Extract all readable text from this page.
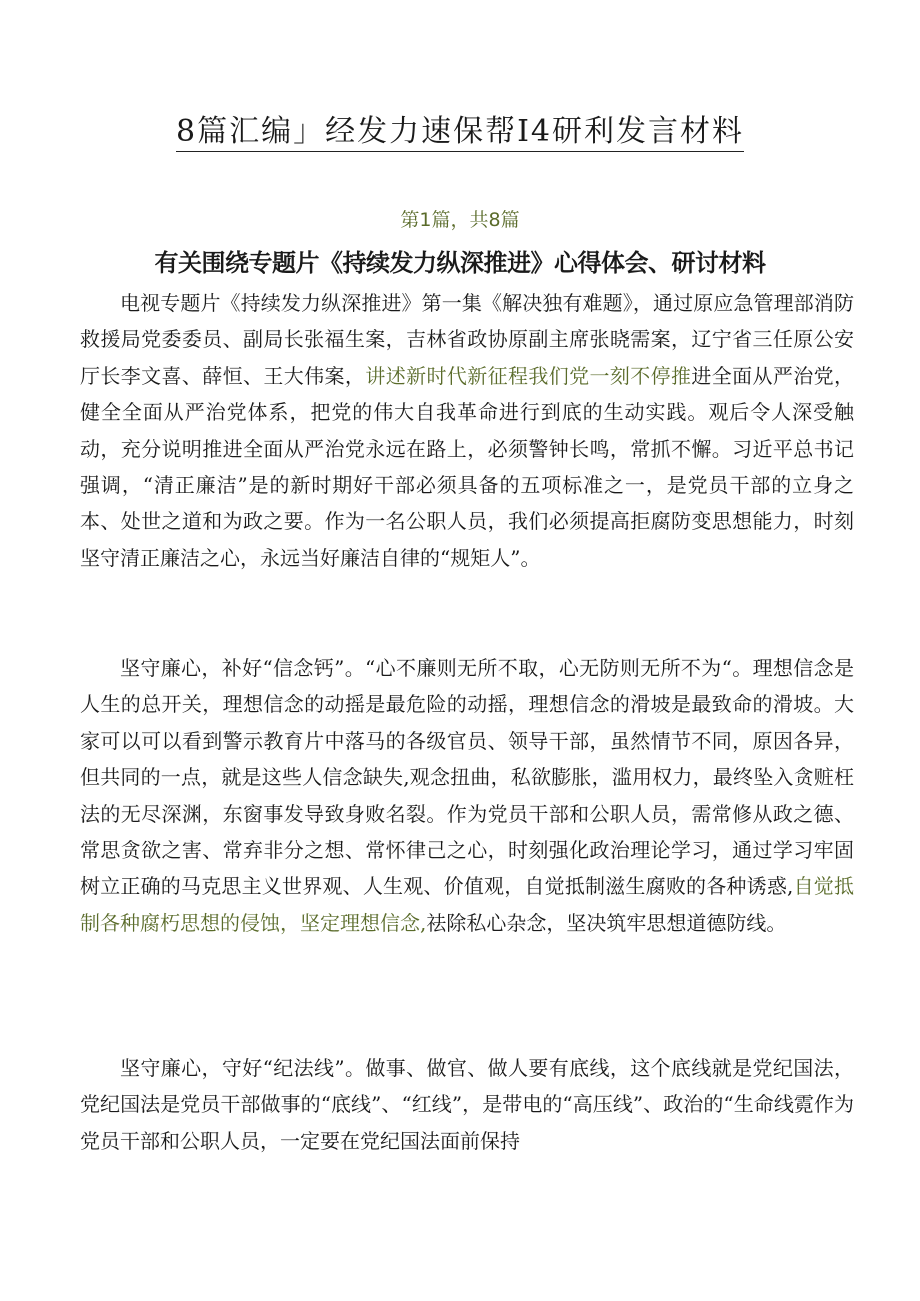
8篇汇编」经发力速保帮I4研利发言材料
第1篇，共8篇
有关围绕专题片《持续发力纵深推进》心得体会、研讨材料

电视专题片《持续发力纵深推进》第一集《解决独有难题》，通过原应急管理部消防救援局党委委员、副局长张福生案，吉林省政协原副主席张晓需案，辽宁省三任原公安厅长李文喜、薛恒、王大伟案，讲述新时代新征程我们党一刻不停推进全面从严治党，健全全面从严治党体系，把党的伟大自我革命进行到底的生动实践。观后令人深受触动，充分说明推进全面从严治党永远在路上，必须警钟长鸣，常抓不懈。习近平总书记强调，“清正廉洁”是的新时期好干部必须具备的五项标准之一，是党员干部的立身之本、处世之道和为政之要。作为一名公职人员，我们必须提高拒腐防变思想能力，时刻坚守清正廉洁之心，永远当好廉洁自律的“规矩人”。

坚守廉心，补好“信念钙”。“心不廉则无所不取，心无防则无所不为“。理想信念是人生的总开关，理想信念的动摇是最危险的动摇，理想信念的滑坡是最致命的滑坡。大家可以可以看到警示教育片中落马的各级官员、领导干部，虽然情节不同，原因各异，但共同的一点，就是这些人信念缺失,观念扭曲，私欲膨胀，滥用权力，最终坠入贪赃枉法的无尽深渊，东窗事发导致身败名裂。作为党员干部和公职人员，需常修从政之德、常思贪欲之害、常弃非分之想、常怀律己之心，时刻强化政治理论学习，通过学习牢固树立正确的马克思主义世界观、人生观、价值观，自觉抵制滋生腐败的各种诱惑,自觉抵制各种腐朽思想的侵蚀，坚定理想信念,祛除私心杂念，坚决筑牢思想道德防线。

坚守廉心，守好“纪法线”。做事、做官、做人要有底线，这个底线就是党纪国法，党纪国法是党员干部做事的“底线”、“红线”，是带电的“高压线”、政治的“生命线霓作为党员干部和公职人员，一定要在党纪国法面前保持
